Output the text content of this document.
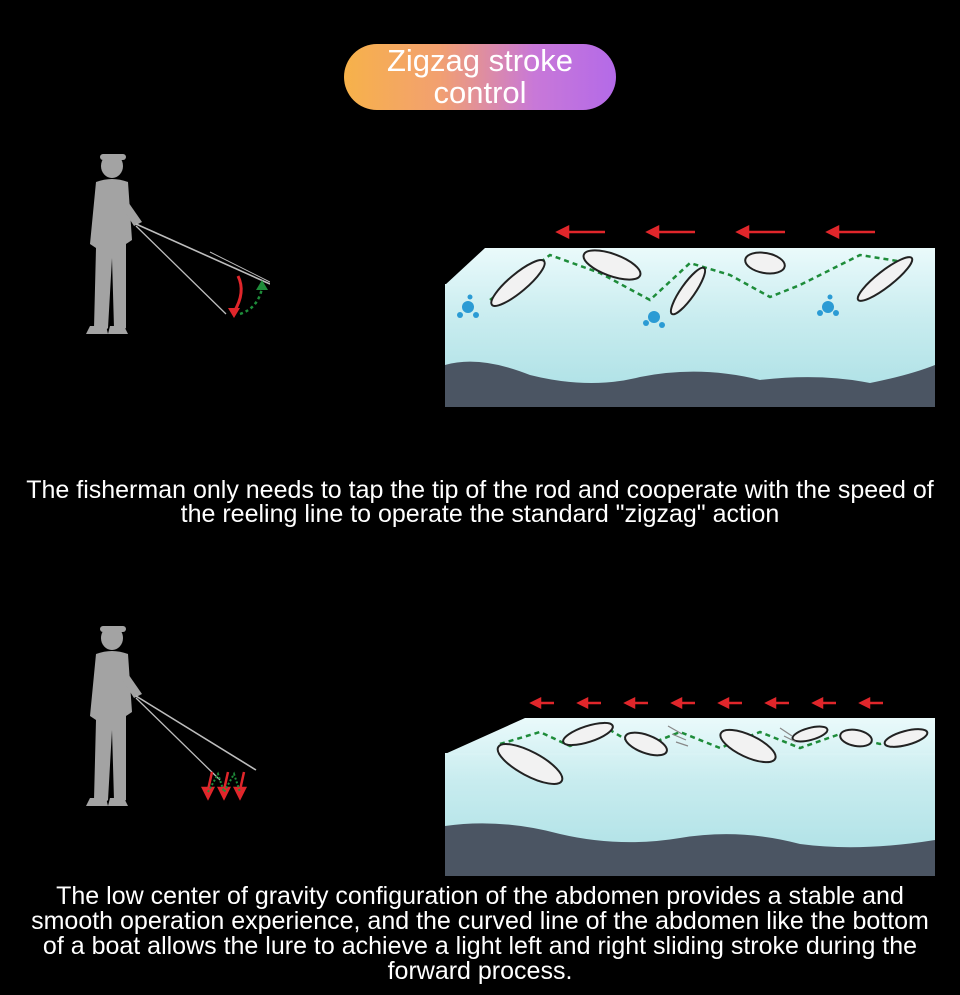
Zigzag stroke control
The fisherman only needs to tap the tip of the rod and cooperate with the speed of the reeling line to operate the standard "zigzag" action
The low center of gravity configuration of the abdomen provides a stable and smooth operation experience, and the curved line of the abdomen like the bottom of a boat allows the lure to achieve a light left and right sliding stroke during the forward process.
